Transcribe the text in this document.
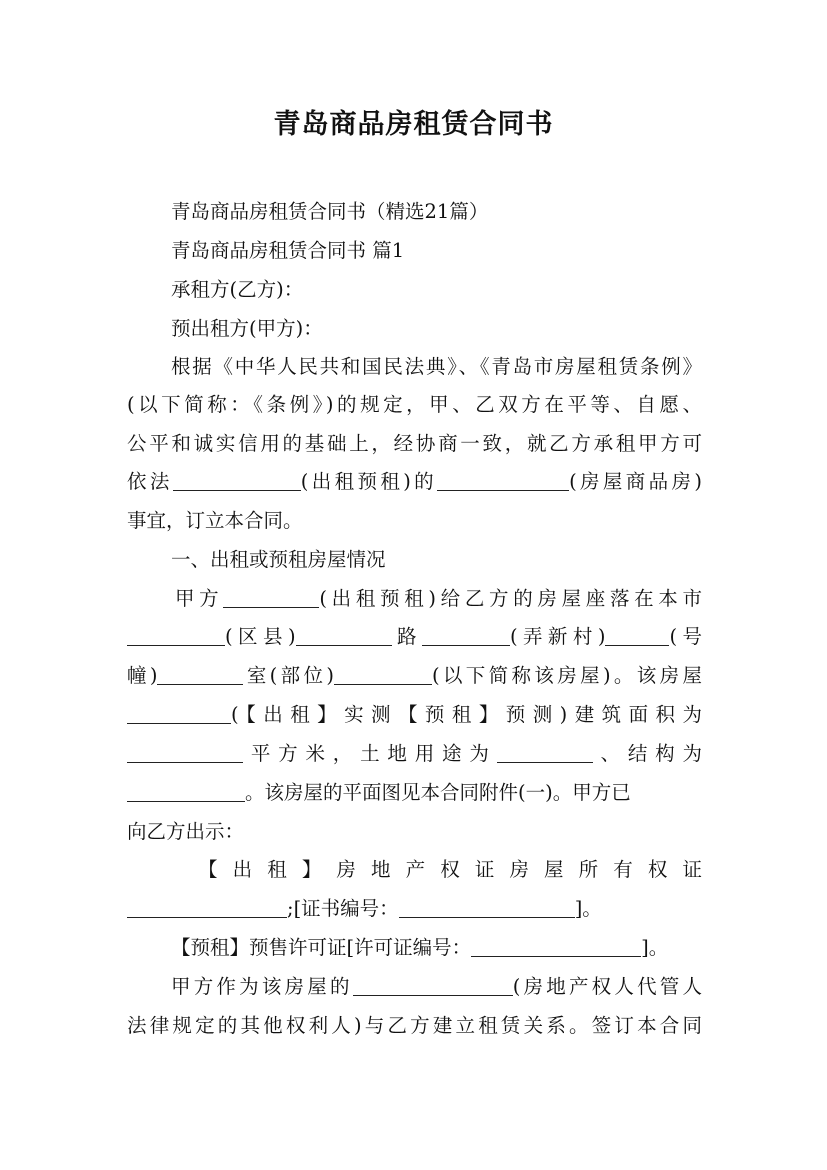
青岛商品房租赁合同书
青岛商品房租赁合同书（精选21篇）
青岛商品房租赁合同书 篇1
承租方(乙方)：
预出租方(甲方)：
根据《中华人民共和国民法典》、《青岛市房屋租赁条例》
(以下简称：《条例》)的规定，甲、乙双方在平等、自愿、
公平和诚实信用的基础上，经协商一致，就乙方承租甲方可
依法	(出租预租)的	(房屋商品房)
事宜，订立本合同。
一、出租或预租房屋情况
甲方	(出租预租)给乙方的房屋座落在本市
(区县)	路	(弄新村)	(号
幢)	室(部位)	(以下简称该房屋)。该房屋
(【出租】实测【预租】预测)建筑面积为
平方米，土地用途为	、结构为
。该房屋的平面图见本合同附件(一)。甲方已
向乙方出示：
【出租】房地产权证房屋所有权证
;[证书编号：	]。
【预租】预售许可证[许可证编号：	]。
甲方作为该房屋的	(房地产权人代管人
法律规定的其他权利人)与乙方建立租赁关系。签订本合同
